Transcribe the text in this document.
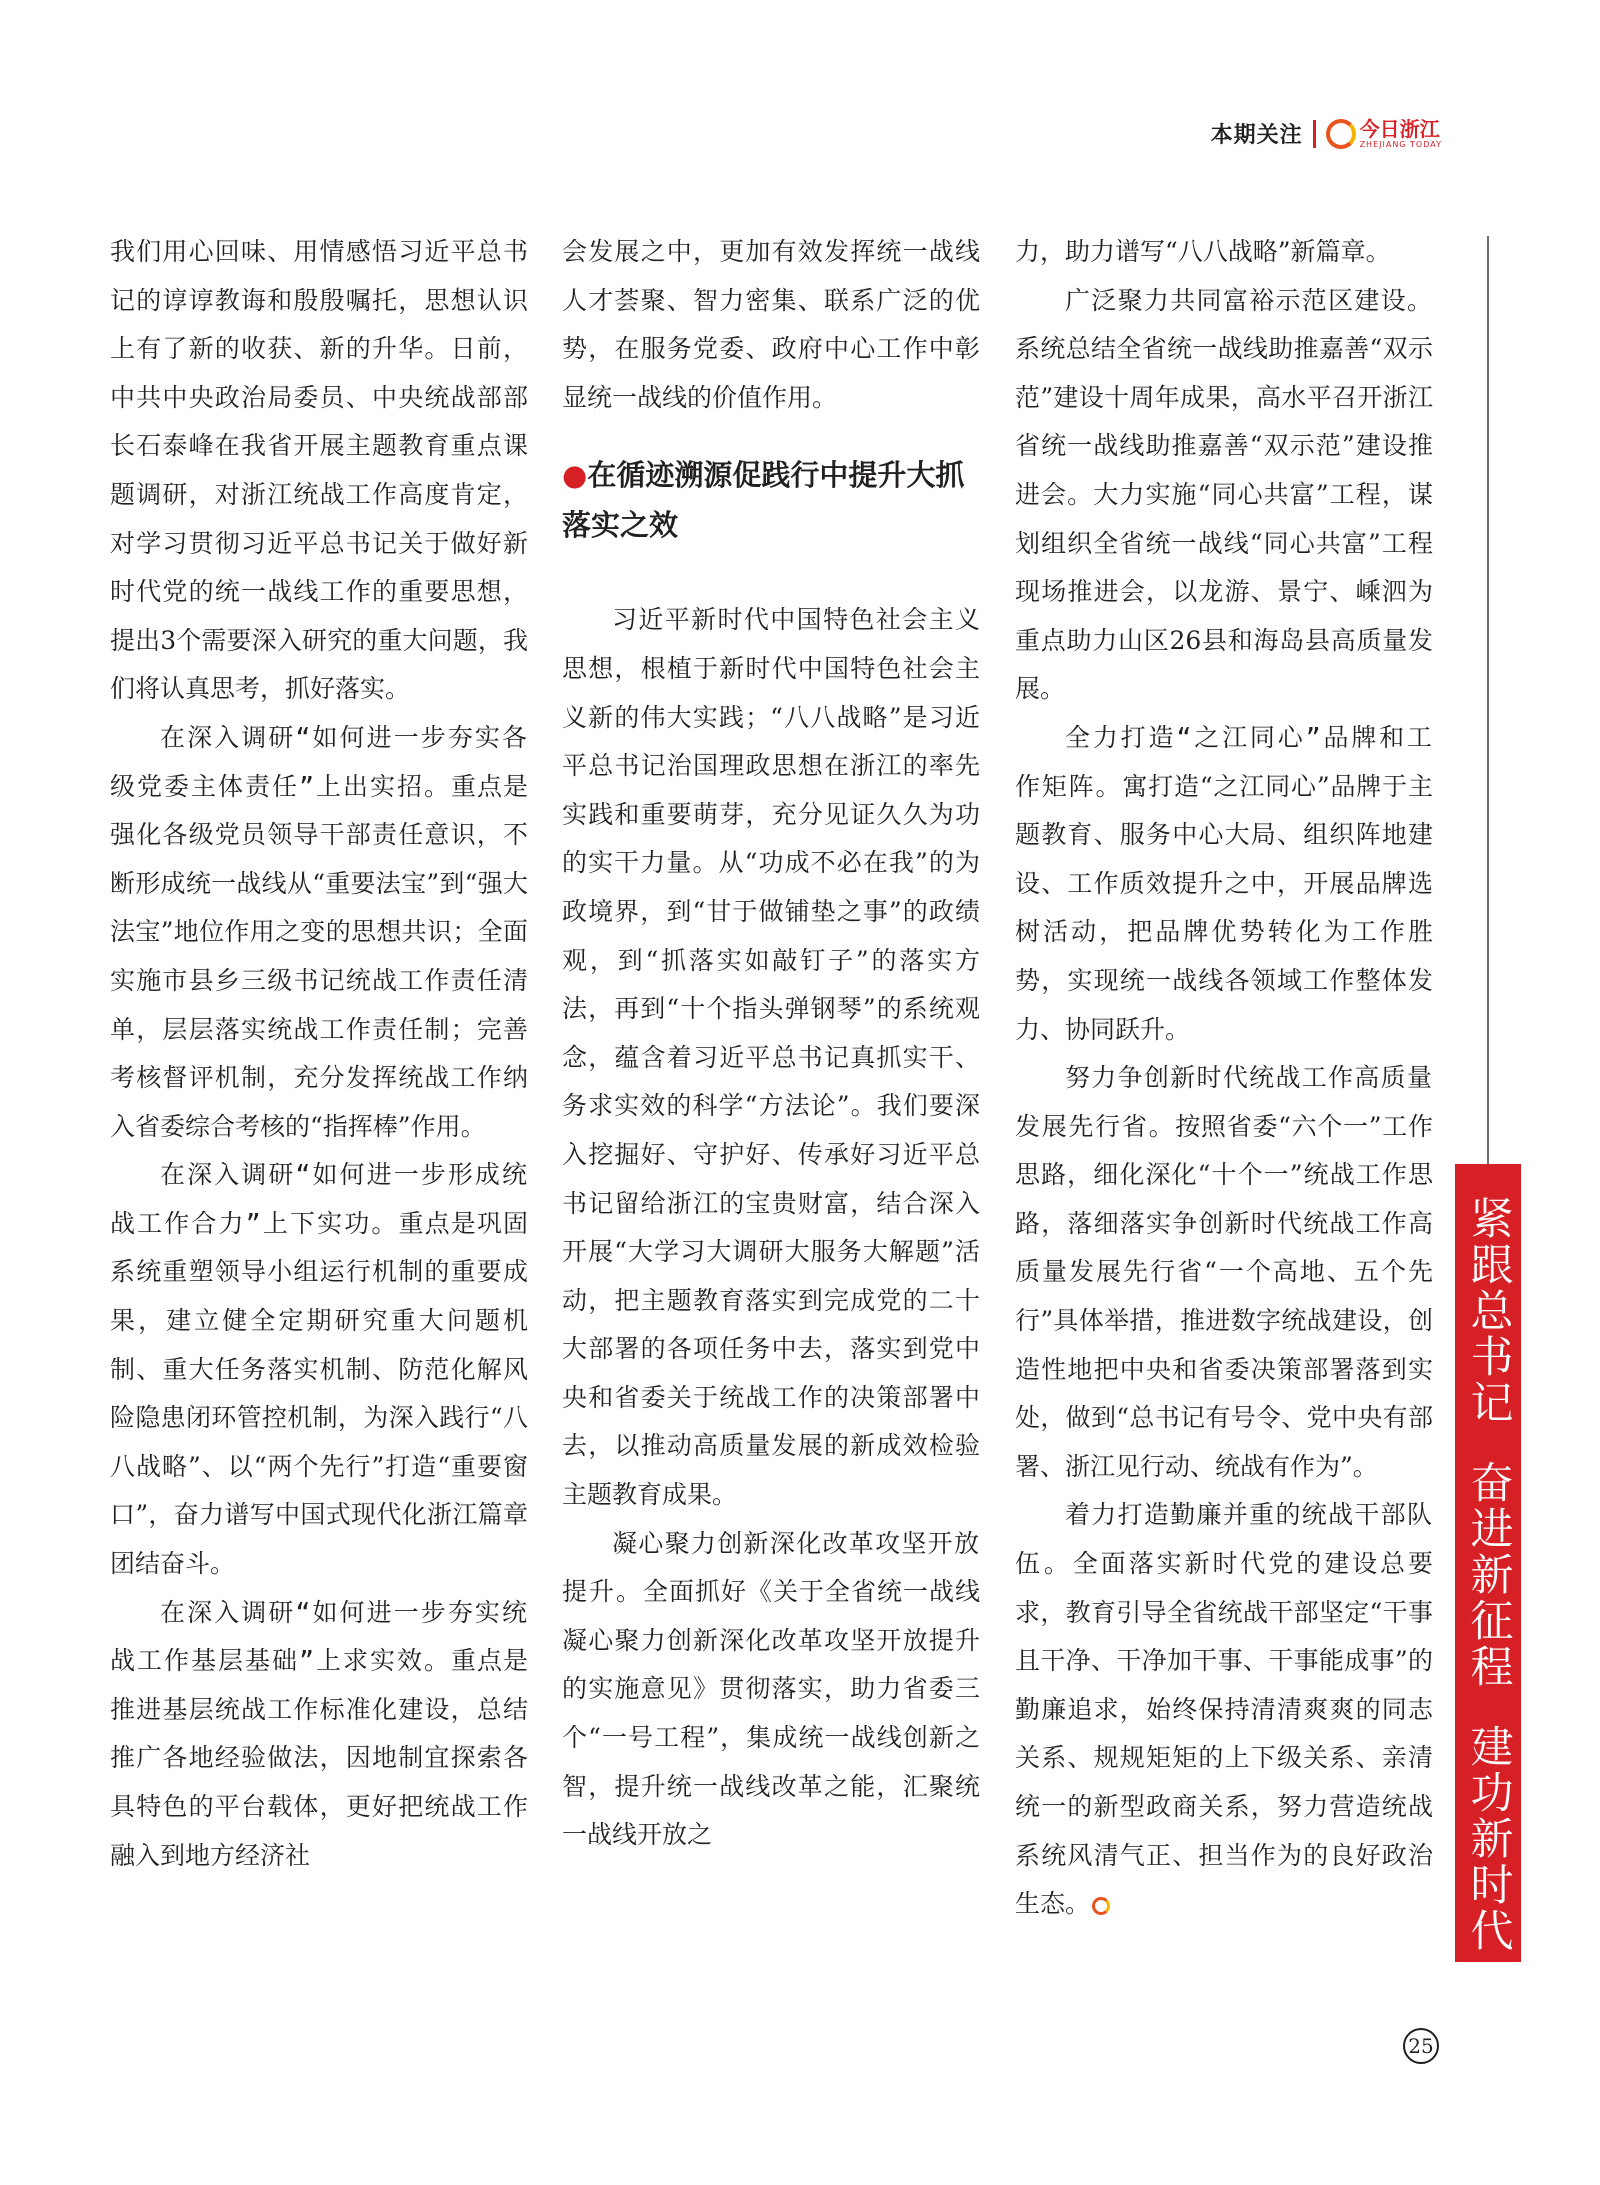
本期关注	今日浙江
ZHEJIANG TODAY

我们用心回味、用情感悟习近平总书记的谆谆教诲和殷殷嘱托，思想认识上有了新的收获、新的升华。日前，中共中央政治局委员、中央统战部部长石泰峰在我省开展主题教育重点课题调研，对浙江统战工作高度肯定，对学习贯彻习近平总书记关于做好新时代党的统一战线工作的重要思想，提出3个需要深入研究的重大问题，我们将认真思考，抓好落实。

在深入调研“如何进一步夯实各级党委主体责任”上出实招。重点是强化各级党员领导干部责任意识，不断形成统一战线从“重要法宝”到“强大法宝”地位作用之变的思想共识；全面实施市县乡三级书记统战工作责任清单，层层落实统战工作责任制；完善考核督评机制，充分发挥统战工作纳入省委综合考核的“指挥棒”作用。

在深入调研“如何进一步形成统战工作合力”上下实功。重点是巩固系统重塑领导小组运行机制的重要成果，建立健全定期研究重大问题机制、重大任务落实机制、防范化解风险隐患闭环管控机制，为深入践行“八八战略”、以“两个先行”打造“重要窗口”，奋力谱写中国式现代化浙江篇章团结奋斗。

在深入调研“如何进一步夯实统战工作基层基础”上求实效。重点是推进基层统战工作标准化建设，总结推广各地经验做法，因地制宜探索各具特色的平台载体，更好把统战工作融入到地方经济社

会发展之中，更加有效发挥统一战线人才荟聚、智力密集、联系广泛的优势，在服务党委、政府中心工作中彰显统一战线的价值作用。

●在循迹溯源促践行中提升大抓落实之效

习近平新时代中国特色社会主义思想，根植于新时代中国特色社会主义新的伟大实践；“八八战略”是习近平总书记治国理政思想在浙江的率先实践和重要萌芽，充分见证久久为功的实干力量。从“功成不必在我”的为政境界，到“甘于做铺垫之事”的政绩观，到“抓落实如敲钉子”的落实方法，再到“十个指头弹钢琴”的系统观念，蕴含着习近平总书记真抓实干、务求实效的科学“方法论”。我们要深入挖掘好、守护好、传承好习近平总书记留给浙江的宝贵财富，结合深入开展“大学习大调研大服务大解题”活动，把主题教育落实到完成党的二十大部署的各项任务中去，落实到党中央和省委关于统战工作的决策部署中去，以推动高质量发展的新成效检验主题教育成果。

凝心聚力创新深化改革攻坚开放提升。全面抓好《关于全省统一战线凝心聚力创新深化改革攻坚开放提升的实施意见》贯彻落实，助力省委三个“一号工程”，集成统一战线创新之智，提升统一战线改革之能，汇聚统一战线开放之

力，助力谱写“八八战略”新篇章。

广泛聚力共同富裕示范区建设。系统总结全省统一战线助推嘉善“双示范”建设十周年成果，高水平召开浙江省统一战线助推嘉善“双示范”建设推进会。大力实施“同心共富”工程，谋划组织全省统一战线“同心共富”工程现场推进会，以龙游、景宁、嵊泗为重点助力山区26县和海岛县高质量发展。

全力打造“之江同心”品牌和工作矩阵。寓打造“之江同心”品牌于主题教育、服务中心大局、组织阵地建设、工作质效提升之中，开展品牌选树活动，把品牌优势转化为工作胜势，实现统一战线各领域工作整体发力、协同跃升。

努力争创新时代统战工作高质量发展先行省。按照省委“六个一”工作思路，细化深化“十个一”统战工作思路，落细落实争创新时代统战工作高质量发展先行省“一个高地、五个先行”具体举措，推进数字统战建设，创造性地把中央和省委决策部署落到实处，做到“总书记有号令、党中央有部署、浙江见行动、统战有作为”。

着力打造勤廉并重的统战干部队伍。全面落实新时代党的建设总要求，教育引导全省统战干部坚定“干事且干净、干净加干事、干事能成事”的勤廉追求，始终保持清清爽爽的同志关系、规规矩矩的上下级关系、亲清统一的新型政商关系，努力营造统战系统风清气正、担当作为的良好政治生态。

紧跟总书记奋进新征程建功新时代
25
